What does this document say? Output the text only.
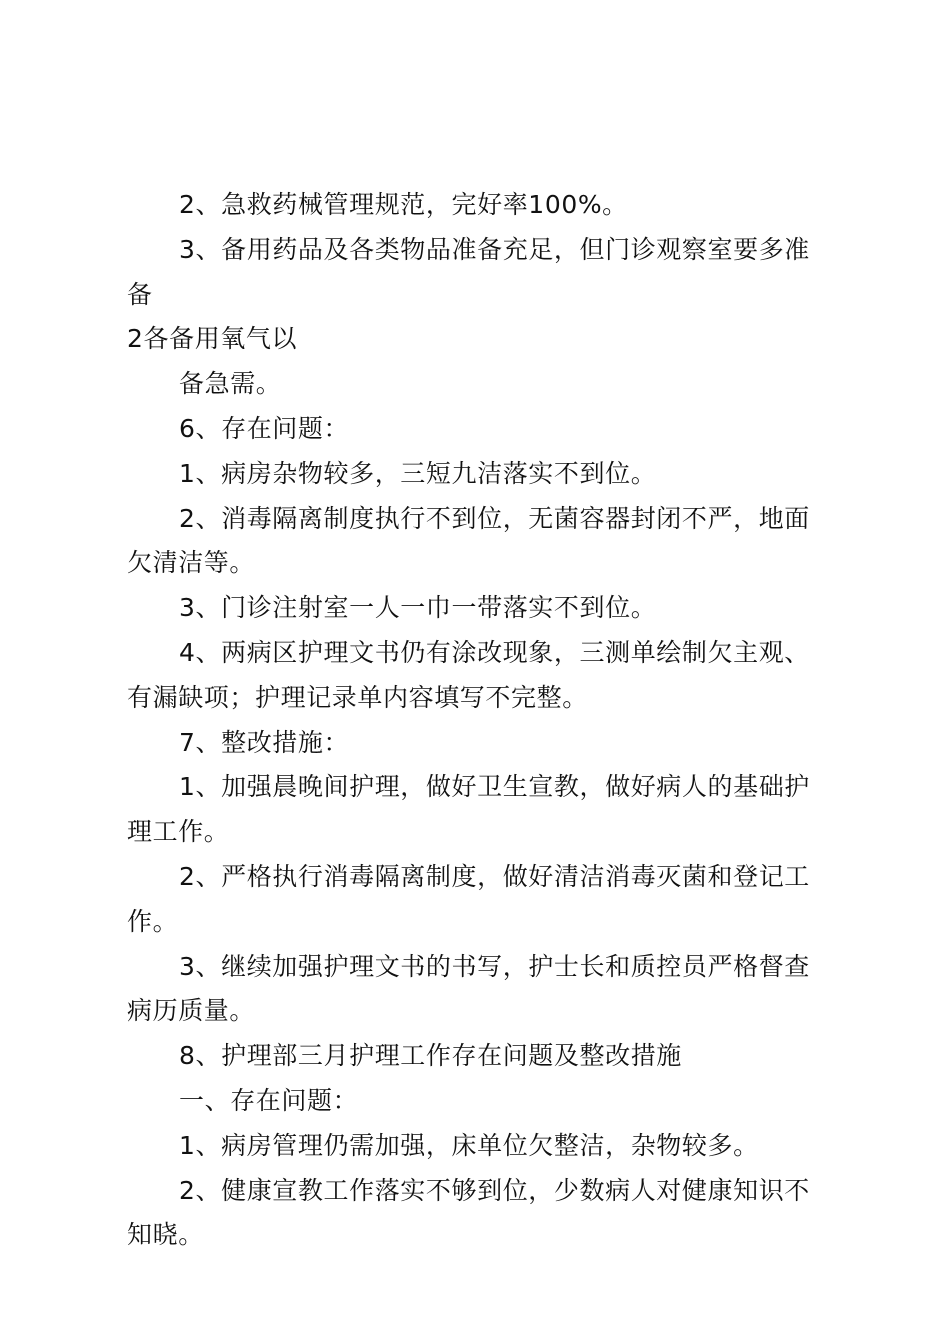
2、急救药械管理规范，完好率100%。

3、备用药品及各类物品准备充足，但门诊观察室要多准备

2各备用氧气以

备急需。

6、存在问题：

1、病房杂物较多，三短九洁落实不到位。

2、消毒隔离制度执行不到位，无菌容器封闭不严，地面欠清洁等。

3、门诊注射室一人一巾一带落实不到位。

4、两病区护理文书仍有涂改现象，三测单绘制欠主观、有漏缺项；护理记录单内容填写不完整。

7、整改措施：

1、加强晨晚间护理，做好卫生宣教，做好病人的基础护理工作。

2、严格执行消毒隔离制度，做好清洁消毒灭菌和登记工作。

3、继续加强护理文书的书写，护士长和质控员严格督查病历质量。

8、护理部三月护理工作存在问题及整改措施

一、存在问题：

1、病房管理仍需加强，床单位欠整洁，杂物较多。

2、健康宣教工作落实不够到位，少数病人对健康知识不知晓。
